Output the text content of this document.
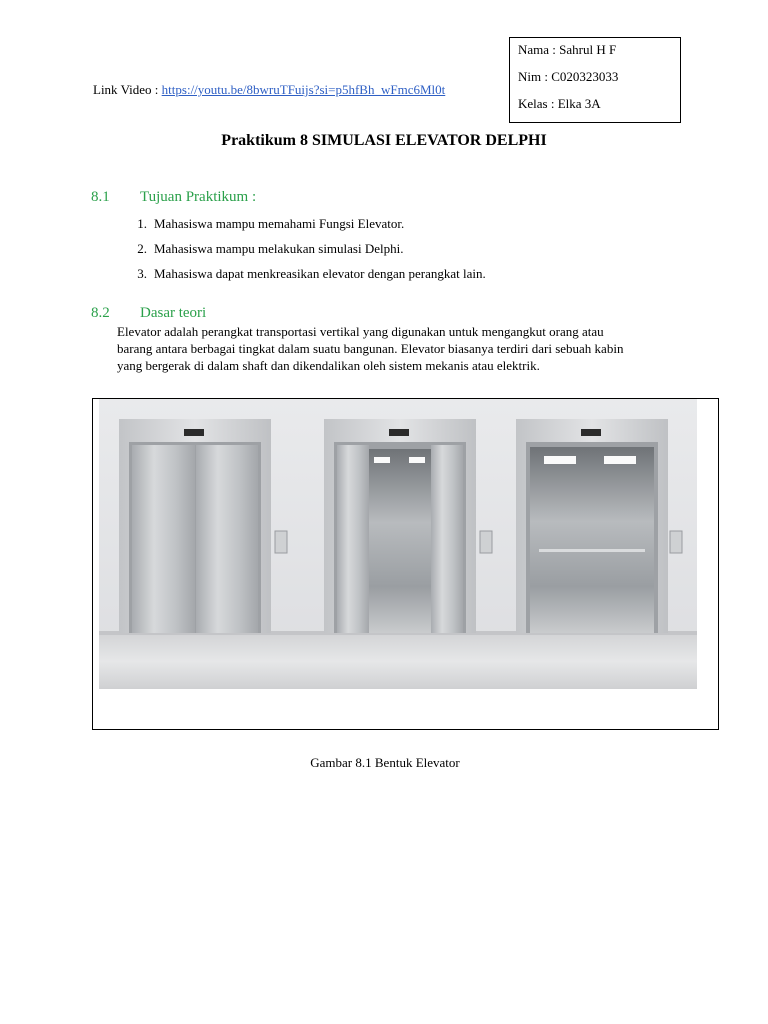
Nama : Sahrul H F
Nim : C020323033
Kelas : Elka 3A
Link Video : https://youtu.be/8bwruTFuijs?si=p5hfBh_wFmc6Ml0t
Praktikum 8 SIMULASI ELEVATOR DELPHI
8.1 Tujuan Praktikum :
1. Mahasiswa mampu memahami Fungsi Elevator.
2. Mahasiswa mampu melakukan simulasi Delphi.
3. Mahasiswa dapat menkreasikan elevator dengan perangkat lain.
8.2 Dasar teori
Elevator adalah perangkat transportasi vertikal yang digunakan untuk mengangkut orang atau
barang antara berbagai tingkat dalam suatu bangunan. Elevator biasanya terdiri dari sebuah kabin
yang bergerak di dalam shaft dan dikendalikan oleh sistem mekanis atau elektrik.
Gambar 8.1 Bentuk Elevator
